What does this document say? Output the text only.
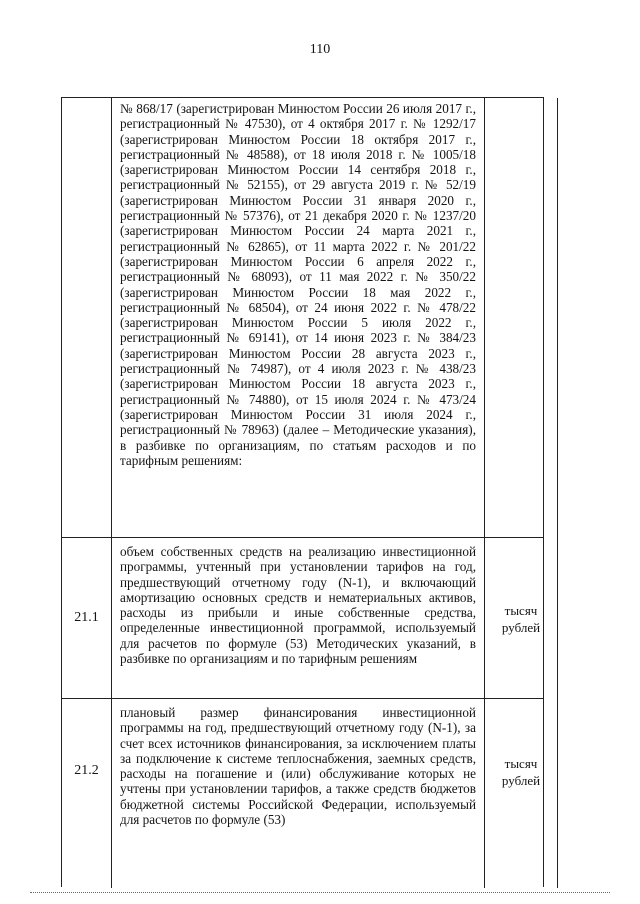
110
№ 868/17 (зарегистрирован Минюстом России 26 июля 2017 г., регистрационный № 47530), от 4 октября 2017 г. № 1292/17 (зарегистрирован Минюстом России 18 октября 2017 г., регистрационный № 48588), от 18 июля 2018 г. № 1005/18 (зарегистрирован Минюстом России 14 сентября 2018 г., регистрационный № 52155), от 29 августа 2019 г. № 52/19 (зарегистрирован Минюстом России 31 января 2020 г., регистрационный № 57376), от 21 декабря 2020 г. № 1237/20 (зарегистрирован Минюстом России 24 марта 2021 г., регистрационный № 62865), от 11 марта 2022 г. № 201/22 (зарегистрирован Минюстом России 6 апреля 2022 г., регистрационный № 68093), от 11 мая 2022 г. № 350/22 (зарегистрирован Минюстом России 18 мая 2022 г., регистрационный № 68504), от 24 июня 2022 г. № 478/22 (зарегистрирован Минюстом России 5 июля 2022 г., регистрационный № 69141), от 14 июня 2023 г. № 384/23 (зарегистрирован Минюстом России 28 августа 2023 г., регистрационный № 74987), от 4 июля 2023 г. № 438/23 (зарегистрирован Минюстом России 18 августа 2023 г., регистрационный № 74880), от 15 июля 2024 г. № 473/24 (зарегистрирован Минюстом России 31 июля 2024 г., регистрационный № 78963) (далее – Методические указания), в разбивке по организациям, по статьям расходов и по тарифным решениям:
21.1
объем собственных средств на реализацию инвестиционной программы, учтенный при установлении тарифов на год, предшествующий отчетному году (N-1), и включающий амортизацию основных средств и нематериальных активов, расходы из прибыли и иные собственные средства, определенные инвестиционной программой, используемый для расчетов по формуле (53) Методических указаний, в разбивке по организациям и по тарифным решениям
тысяч рублей
21.2
плановый размер финансирования инвестиционной программы на год, предшествующий отчетному году (N-1), за счет всех источников финансирования, за исключением платы за подключение к системе теплоснабжения, заемных средств, расходы на погашение и (или) обслуживание которых не учтены при установлении тарифов, а также средств бюджетов бюджетной системы Российской Федерации, используемый для расчетов по формуле (53)
тысяч рублей
